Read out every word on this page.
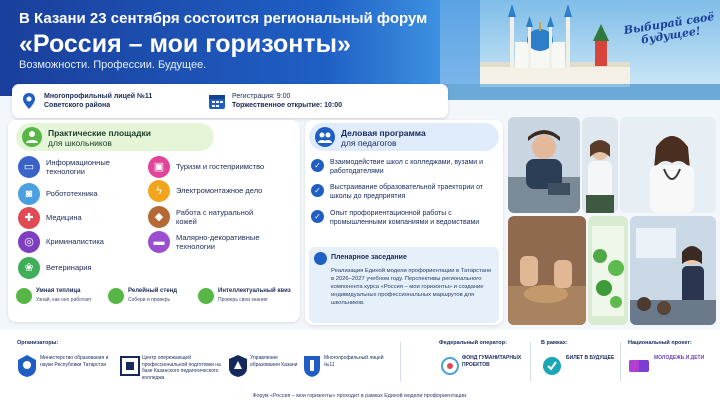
В Казани 23 сентября состоится региональный форум
«Россия – мои горизонты»
Возможности. Профессии. Будущее.
Выбирай своё будущее!
Многопрофильный лицей №11
Советского района
Регистрация: 9:00
Торжественное открытие: 10:00
Практические площадки
для школьников
▭	Информационные технологии
◙	Робототехника
✚	Медицина
◎	Криминалистика
❀	Ветеринария
▣	Туризм и гостеприимство
ϟ	Электромонтажное дело
◆	Работа с натуральной кожей
▬	Малярно-декоративные технологии
Умная теплица
Узнай, как оно работает
Релейный стенд
Собери и проверь
Интеллектуальный квиз
Проверь свои знания
Деловая программа
для педагогов
✓	Взаимодействие школ с колледжами, вузами и работодателями
✓	Выстраивание образовательной траектории от школы до предприятия
✓	Опыт профориентационной работы с промышленными компаниями и ведомствами
Пленарное заседание
Реализация Единой модели профориентации в Татарстане в 2026–2027 учебном году. Перспективы регионального компонента курса «Россия – мои горизонты» и создание индивидуальных профессиональных маршрутов для школьников.
Организаторы:
Министерство образования и науки Республики Татарстан
Центр опережающей профессиональной подготовки на базе Казанского педагогического колледжа
Управление образования Казани
Многопрофильный лицей №11
Федеральный оператор:
ФОНД ГУМАНИТАРНЫХ ПРОЕКТОВ
В рамках:
БИЛЕТ В БУДУЩЕЕ
Национальный проект:
МОЛОДЕЖЬ И ДЕТИ
Форум «Россия – мои горизонты» проходит в рамках Единой модели профориентации.
